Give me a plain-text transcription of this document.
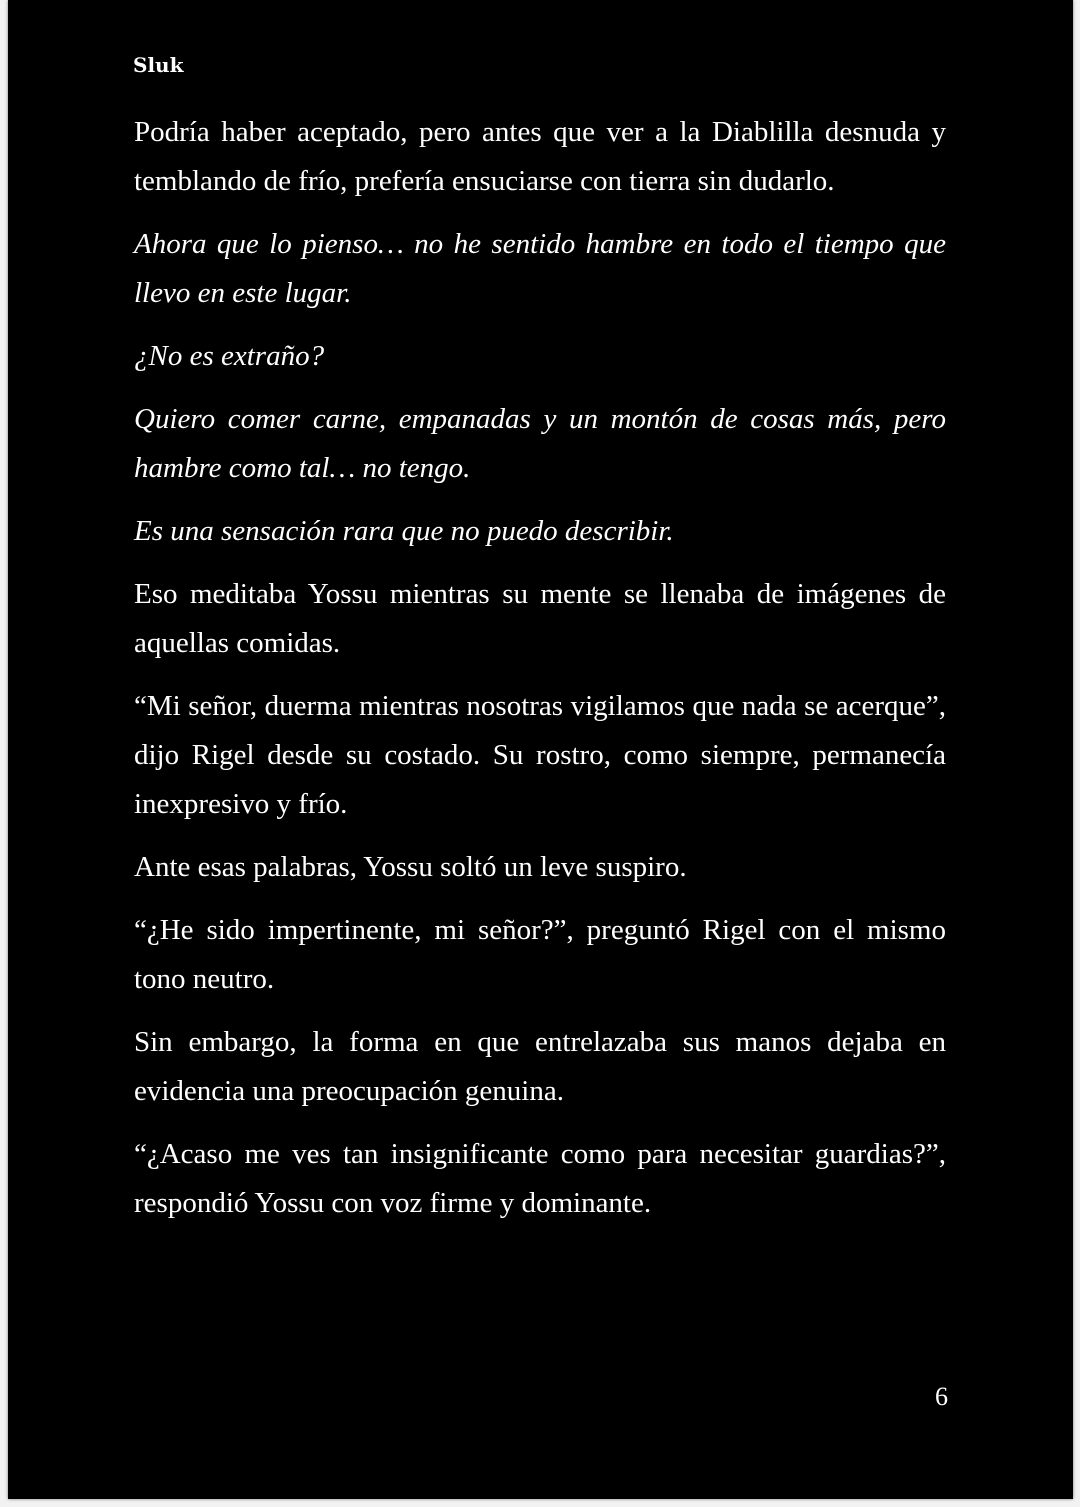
Sluk

Podría haber aceptado, pero antes que ver a la Diablilla desnuda y temblando de frío, prefería ensuciarse con tierra sin dudarlo.

Ahora que lo pienso… no he sentido hambre en todo el tiempo que llevo en este lugar.

¿No es extraño?

Quiero comer carne, empanadas y un montón de cosas más, pero hambre como tal… no tengo.

Es una sensación rara que no puedo describir.

Eso meditaba Yossu mientras su mente se llenaba de imágenes de aquellas comidas.

“Mi señor, duerma mientras nosotras vigilamos que nada se acerque”, dijo Rigel desde su costado. Su rostro, como siempre, permanecía inexpresivo y frío.

Ante esas palabras, Yossu soltó un leve suspiro.

“¿He sido impertinente, mi señor?”, preguntó Rigel con el mismo tono neutro.

Sin embargo, la forma en que entrelazaba sus manos dejaba en evidencia una preocupación genuina.

“¿Acaso me ves tan insignificante como para necesitar guardias?”, respondió Yossu con voz firme y dominante.

6
